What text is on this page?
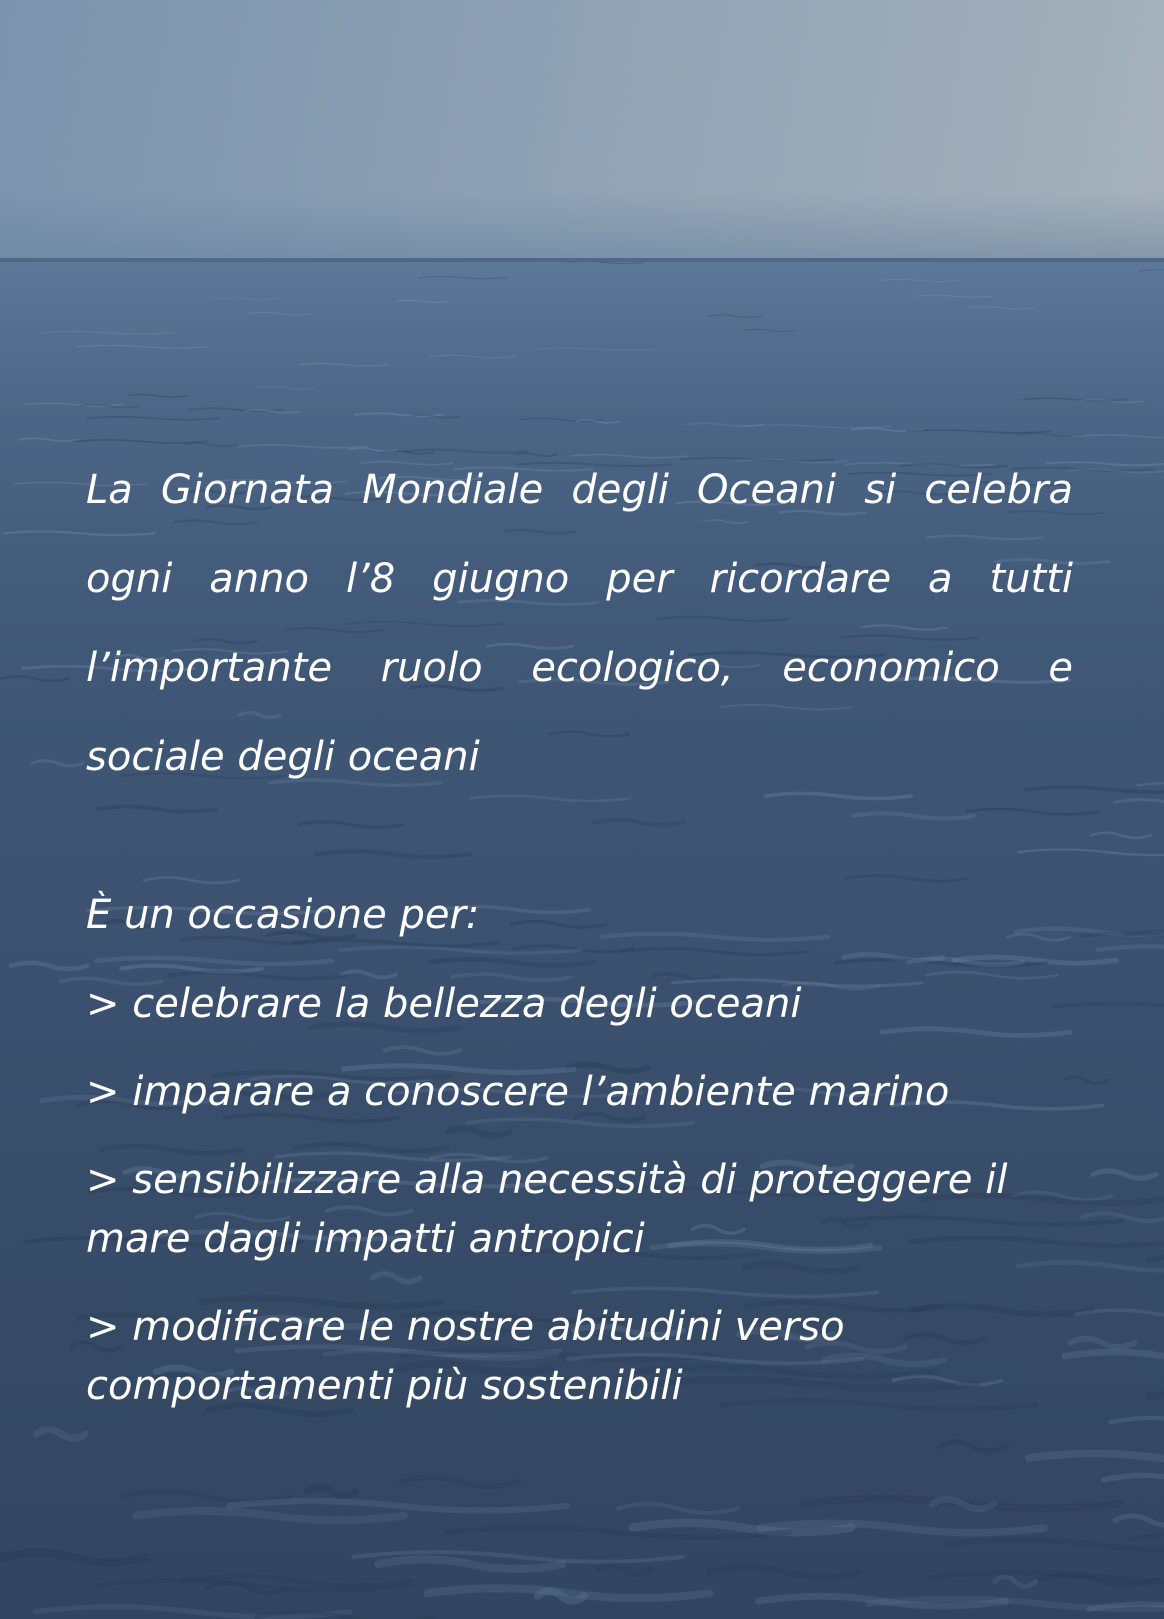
La Giornata Mondiale degli Oceani si celebra ogni anno l’8 giugno per ricordare a tutti l’importante ruolo ecologico, economico e sociale degli oceani

È un occasione per:

> celebrare la bellezza degli oceani
> imparare a conoscere l’ambiente marino
> sensibilizzare alla necessità di proteggere il mare dagli impatti antropici
> modificare le nostre abitudini verso comportamenti più sostenibili
